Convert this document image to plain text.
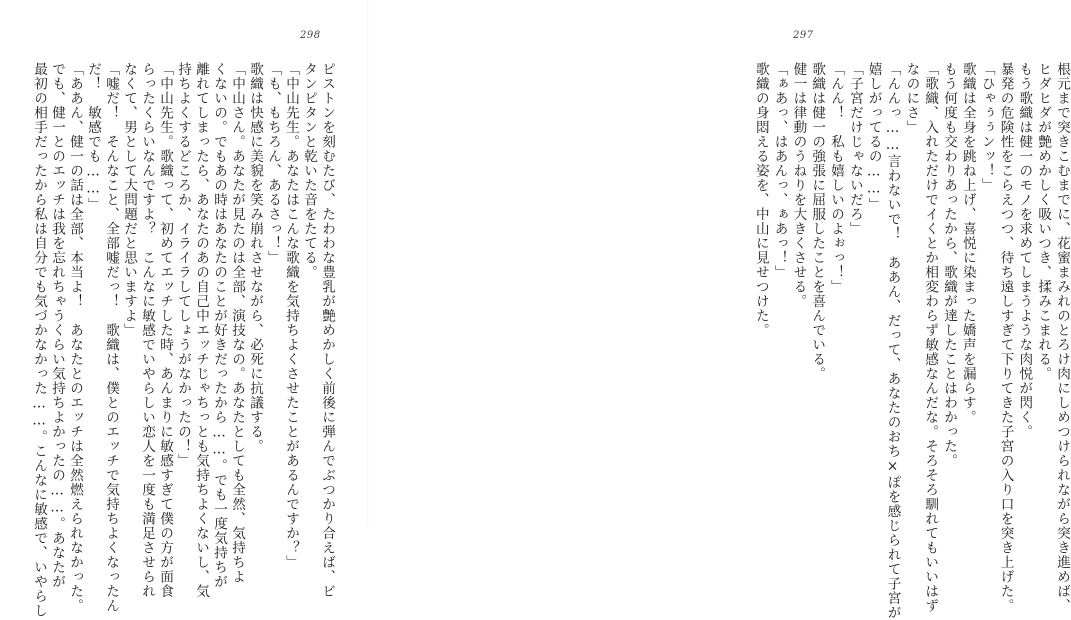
298
ピストンを刻むたび、たわわな豊乳が艶めかしく前後に弾んでぶつかり合えば、ビ
タンピタンと乾いた音をたてる。
「中山先生。あなたはこんな歌織を気持ちよくさせたことがあるんですか？」
「も、もちろん、あるさっ！」
歌織は快感に美貌を笑み崩れさせながら、必死に抗議する。
「中山さん。あなたが見たのは全部、演技なの。あなたとしても全然、気持ちよ
くないの。でもあの時はあなたのことが好きだったから……。でも一度気持ちが
離れてしまったら、あなたのあの自己中エッチじゃちっとも気持ちよくないし、気
持ちよくするどころか、イライラしてしょうがなかったの！」
「中山先生。歌織って、初めてエッチした時、あんまりに敏感すぎて僕の方が面食
らったくらいなんですよ？　こんなに敏感でいやらしい恋人を一度も満足させられ
なくて、男として大問題だと思いますよ」
「嘘だ！　そんなこと、全部嘘だっ！　歌織は、僕とのエッチで気持ちよくなったん
だ！　敏感でも……」
「ああん、健一の話は全部、本当よ！　あなたとのエッチは全然燃えられなかった。
でも、健一とのエッチは我を忘れちゃうくらい気持ちよかったの……。あなたが
最初の相手だったから私は自分でも気づかなかった……。こんなに敏感で、いやらし
297
根元まで突きこむまでに、花蜜まみれのとろけ肉にしめつけられながら突き進めば、
ヒダヒダが艶めかしく吸いつき、揉みこまれる。
もう歌織は健一のモノを求めてしまうような肉悦が閃く。
暴発の危険性をこらえつつ、待ち遠しすぎて下りてきた子宮の入り口を突き上げた。
「ひゃぅぅンッ！」
歌織は全身を跳ね上げ、喜悦に染まった嬌声を漏らす。
もう何度も交わりあったから、歌織が達したことはわかった。
「歌織、入れただけでイくとか相変わらず敏感なんだな。そろそろ馴れてもいいはず
なのにさ」
「んんっ……言わないで！　ああん、だって、あなたのおち×ぽを感じられて子宮が
嬉しがってるの……」
「子宮だけじゃないだろ」
「んん！　私も嬉しいのよぉっ！」
歌織は健一の強張に屈服したことを喜んでいる。
健一は律動のうねりを大きくさせる。
「ぁあっ、はあんっ、ぁあっ！」
歌織の身悶える姿を、中山に見せつけた。
